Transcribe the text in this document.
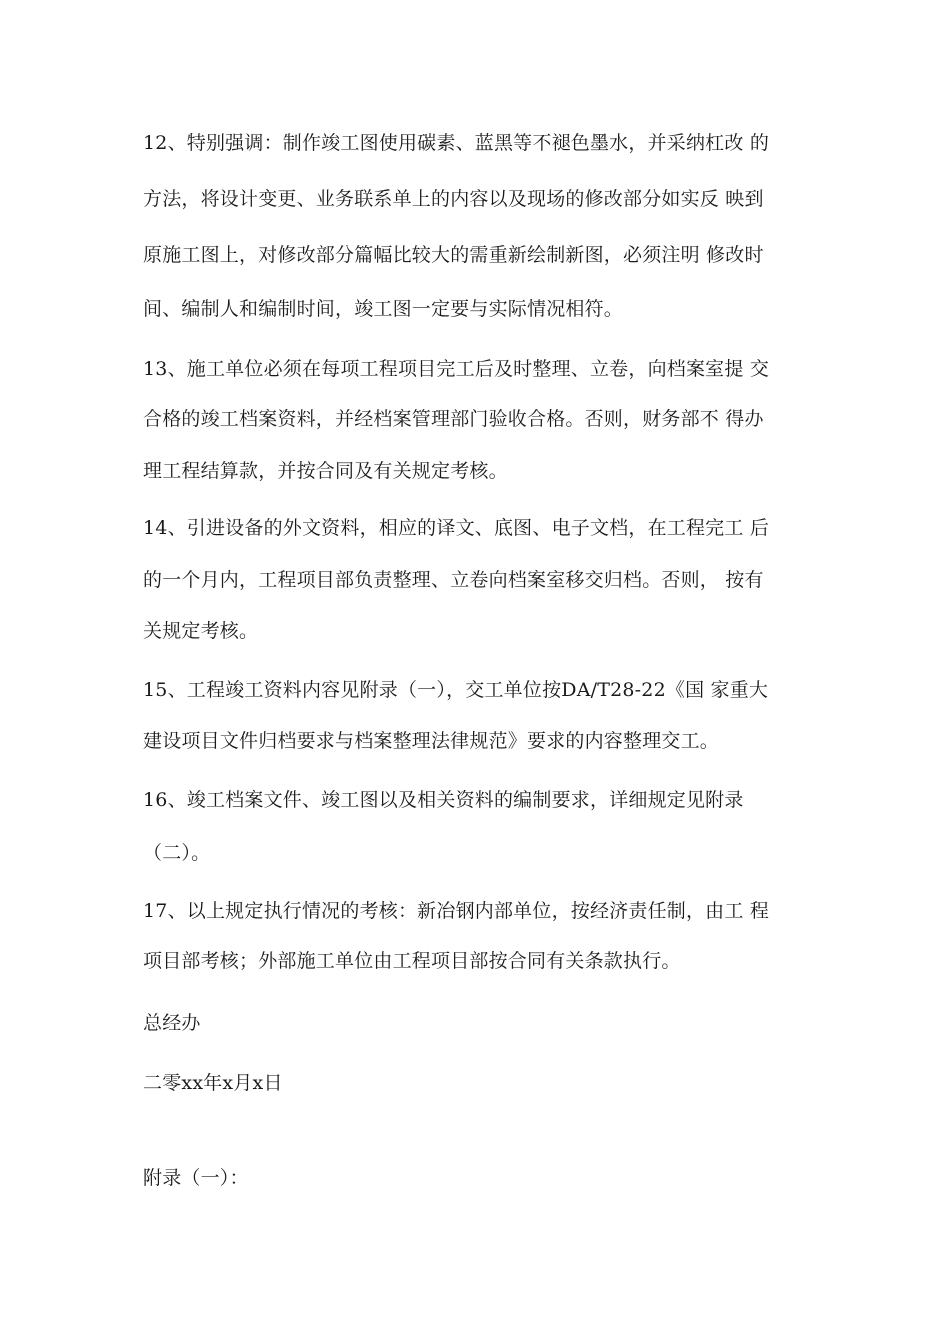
12、特别强调：制作竣工图使用碳素、蓝黑等不褪色墨水，并采纳杠改 的
方法，将设计变更、业务联系单上的内容以及现场的修改部分如实反 映到
原施工图上，对修改部分篇幅比较大的需重新绘制新图，必须注明 修改时
间、编制人和编制时间，竣工图一定要与实际情况相符。
13、施工单位必须在每项工程项目完工后及时整理、立卷，向档案室提 交
合格的竣工档案资料，并经档案管理部门验收合格。否则，财务部不 得办
理工程结算款，并按合同及有关规定考核。
14、引进设备的外文资料，相应的译文、底图、电子文档，在工程完工 后
的一个月内，工程项目部负责整理、立卷向档案室移交归档。否则， 按有
关规定考核。
15、工程竣工资料内容见附录（一），交工单位按DA/T28-22《国 家重大
建设项目文件归档要求与档案整理法律规范》要求的内容整理交工。
16、竣工档案文件、竣工图以及相关资料的编制要求，详细规定见附录
（二）。
17、以上规定执行情况的考核：新冶钢内部单位，按经济责任制，由工 程
项目部考核；外部施工单位由工程项目部按合同有关条款执行。
总经办
二零xx年x月x日
附录（一）：
